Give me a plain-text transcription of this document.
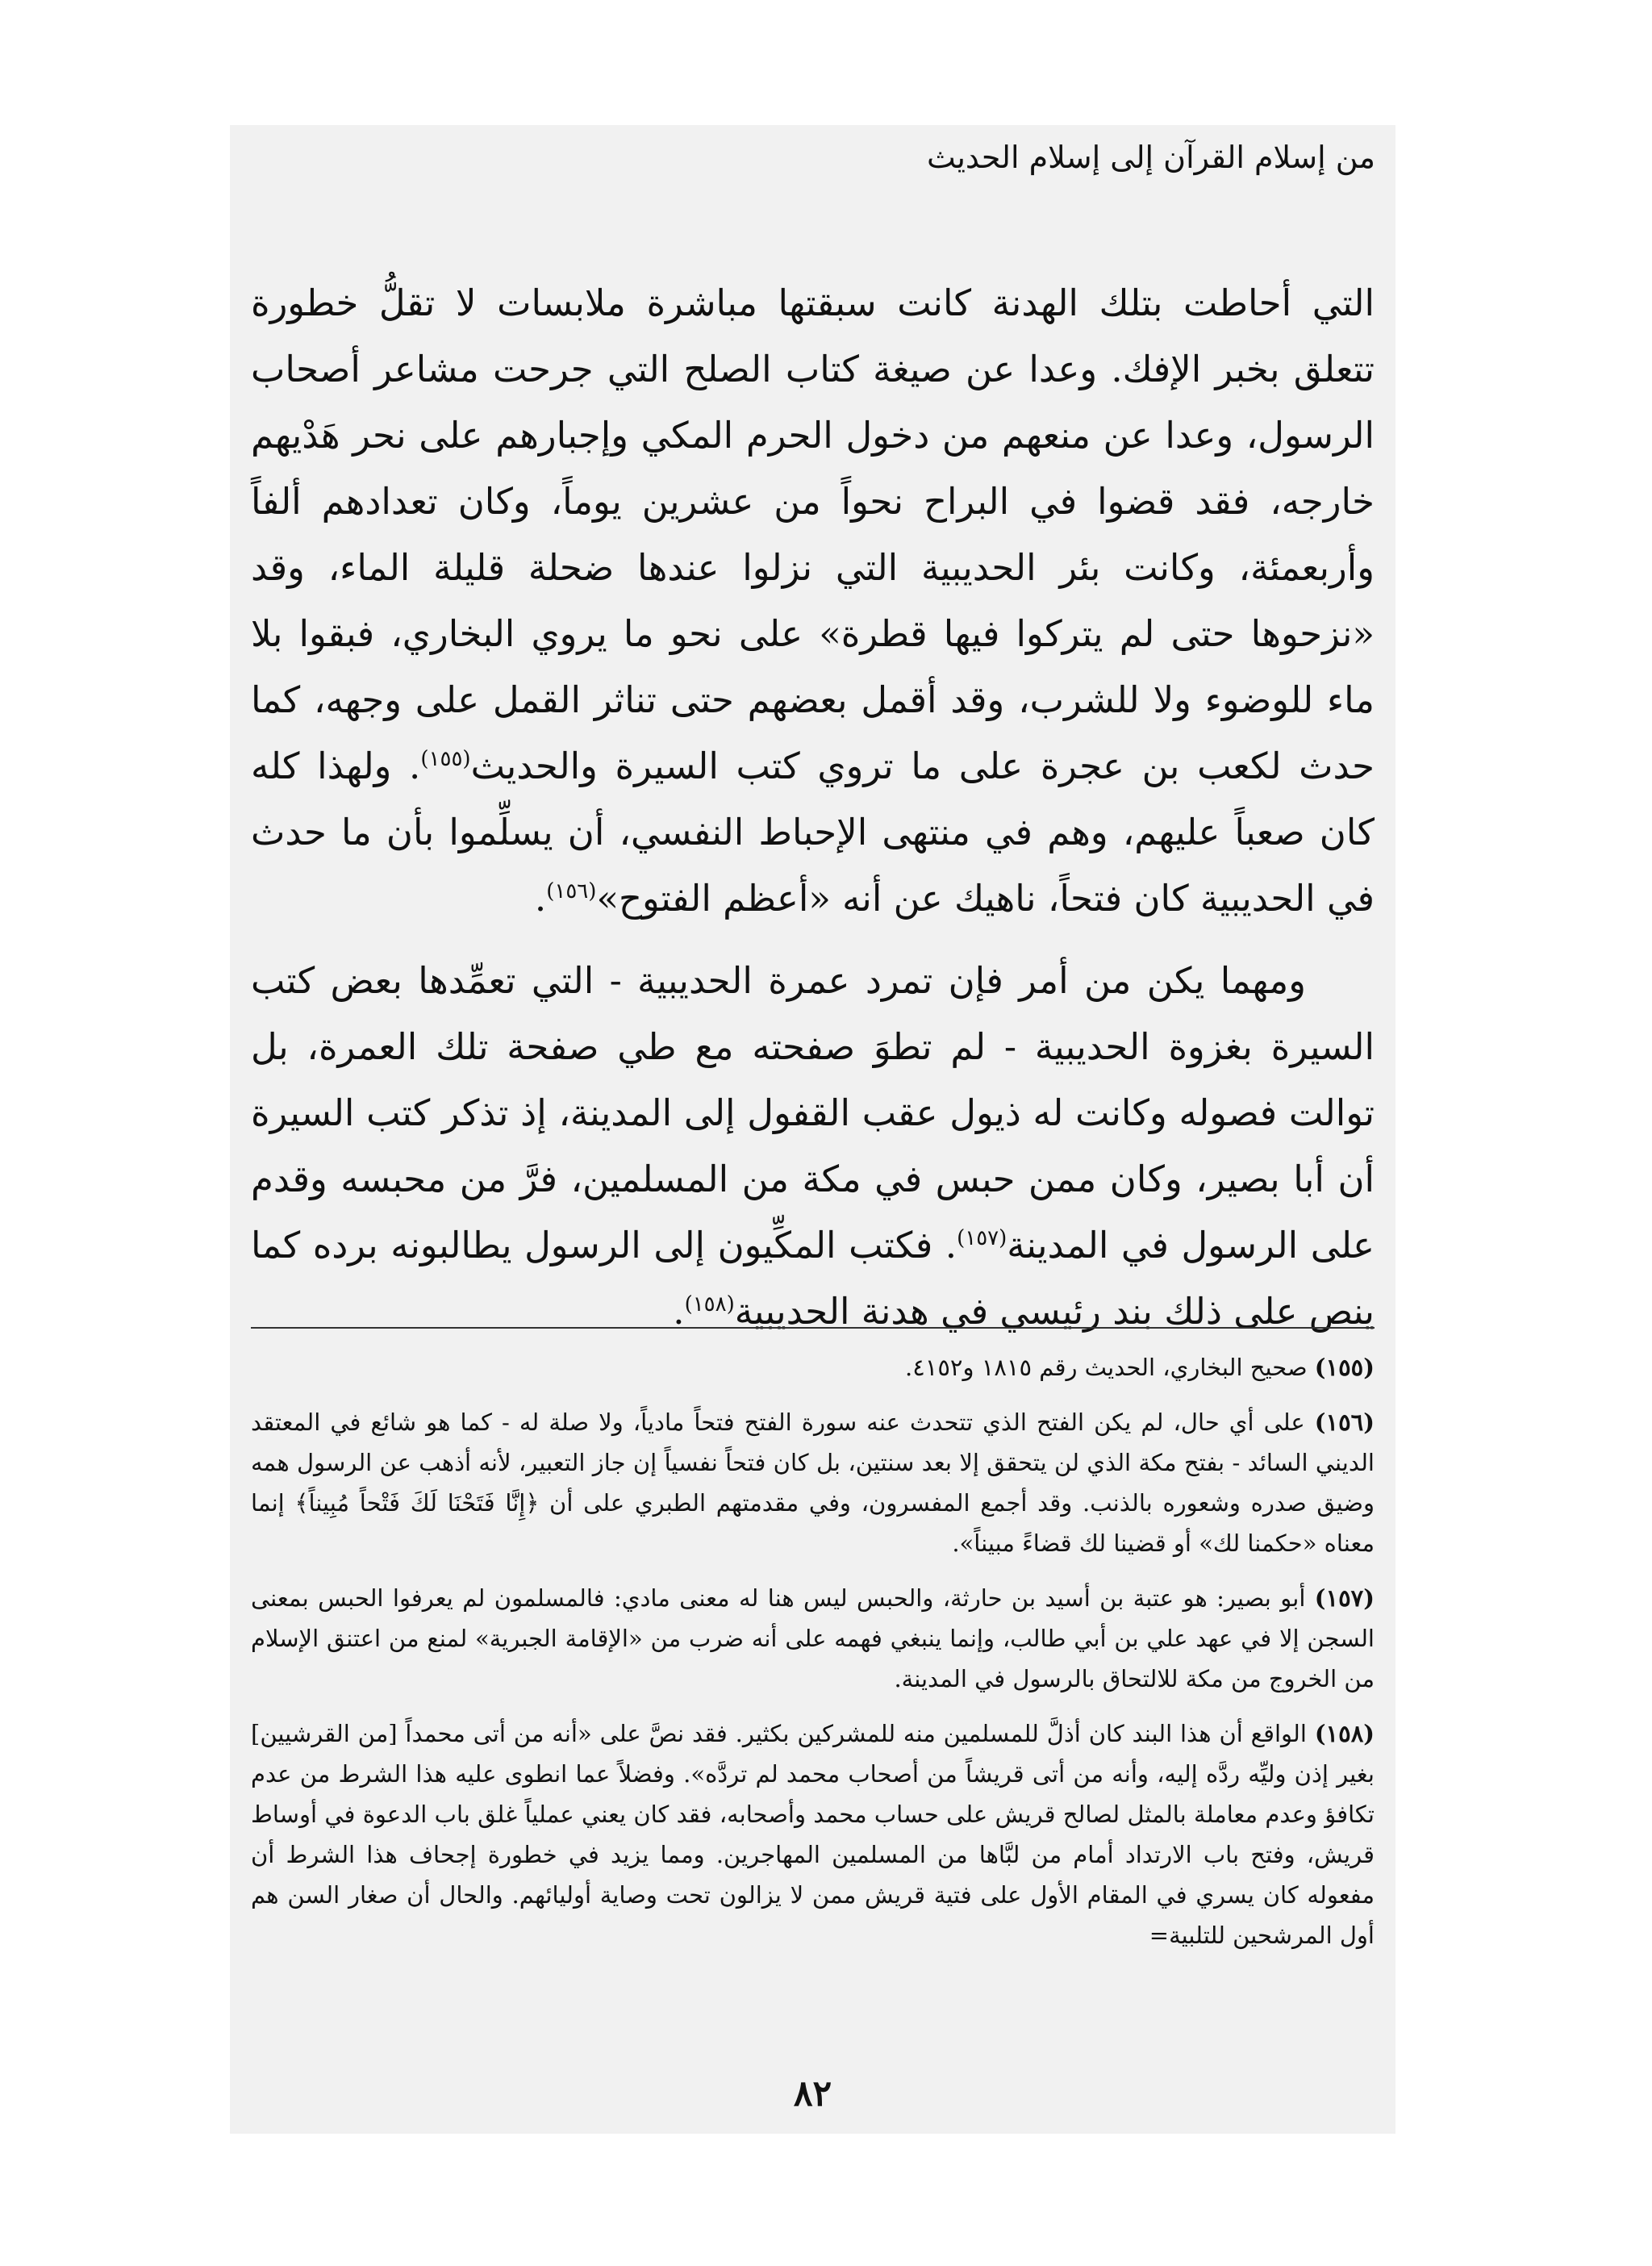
من إسلام القرآن إلى إسلام الحديث

التي أحاطت بتلك الهدنة كانت سبقتها مباشرة ملابسات لا تقلُّ خطورة تتعلق بخبر الإفك. وعدا عن صيغة كتاب الصلح التي جرحت مشاعر أصحاب الرسول، وعدا عن منعهم من دخول الحرم المكي وإجبارهم على نحر هَدْيهم خارجه، فقد قضوا في البراح نحواً من عشرين يوماً، وكان تعدادهم ألفاً وأربعمئة، وكانت بئر الحديبية التي نزلوا عندها ضحلة قليلة الماء، وقد «نزحوها حتى لم يتركوا فيها قطرة» على نحو ما يروي البخاري، فبقوا بلا ماء للوضوء ولا للشرب، وقد أقمل بعضهم حتى تناثر القمل على وجهه، كما حدث لكعب بن عجرة على ما تروي كتب السيرة والحديث$^{(١٥٥)}$. ولهذا كله كان صعباً عليهم، وهم في منتهى الإحباط النفسي، أن يسلِّموا بأن ما حدث في الحديبية كان فتحاً، ناهيك عن أنه «أعظم الفتوح»$^{(١٥٦)}$.

ومهما يكن من أمر فإن تمرد عمرة الحديبية - التي تعمِّدها بعض كتب السيرة بغزوة الحديبية - لم تطوَ صفحته مع طي صفحة تلك العمرة، بل توالت فصوله وكانت له ذيول عقب القفول إلى المدينة، إذ تذكر كتب السيرة أن أبا بصير، وكان ممن حبس في مكة من المسلمين، فرَّ من محبسه وقدم على الرسول في المدينة$^{(١٥٧)}$. فكتب المكِّيون إلى الرسول يطالبونه برده كما ينص على ذلك بند رئيسي في هدنة الحديبية$^{(١٥٨)}$.

(١٥٥) صحيح البخاري، الحديث رقم ١٨١٥ و٤١٥٢.

(١٥٦) على أي حال، لم يكن الفتح الذي تتحدث عنه سورة الفتح فتحاً مادياً، ولا صلة له - كما هو شائع في المعتقد الديني السائد - بفتح مكة الذي لن يتحقق إلا بعد سنتين، بل كان فتحاً نفسياً إن جاز التعبير، لأنه أذهب عن الرسول همه وضيق صدره وشعوره بالذنب. وقد أجمع المفسرون، وفي مقدمتهم الطبري على أن ﴿إِنَّا فَتَحْنَا لَكَ فَتْحاً مُبِيناً﴾ إنما معناه «حكمنا لك» أو قضينا لك قضاءً مبيناً».

(١٥٧) أبو بصير: هو عتبة بن أسيد بن حارثة، والحبس ليس هنا له معنى مادي: فالمسلمون لم يعرفوا الحبس بمعنى السجن إلا في عهد علي بن أبي طالب، وإنما ينبغي فهمه على أنه ضرب من «الإقامة الجبرية» لمنع من اعتنق الإسلام من الخروج من مكة للالتحاق بالرسول في المدينة.

(١٥٨) الواقع أن هذا البند كان أذلَّ للمسلمين منه للمشركين بكثير. فقد نصَّ على «أنه من أتى محمداً [من القرشيين] بغير إذن وليِّه ردَّه إليه، وأنه من أتى قريشاً من أصحاب محمد لم تردَّه». وفضلاً عما انطوى عليه هذا الشرط من عدم تكافؤ وعدم معاملة بالمثل لصالح قريش على حساب محمد وأصحابه، فقد كان يعني عملياً غلق باب الدعوة في أوساط قريش، وفتح باب الارتداد أمام من لبَّاها من المسلمين المهاجرين. ومما يزيد في خطورة إجحاف هذا الشرط أن مفعوله كان يسري في المقام الأول على فتية قريش ممن لا يزالون تحت وصاية أوليائهم. والحال أن صغار السن هم أول المرشحين للتلبية=

٨٢
